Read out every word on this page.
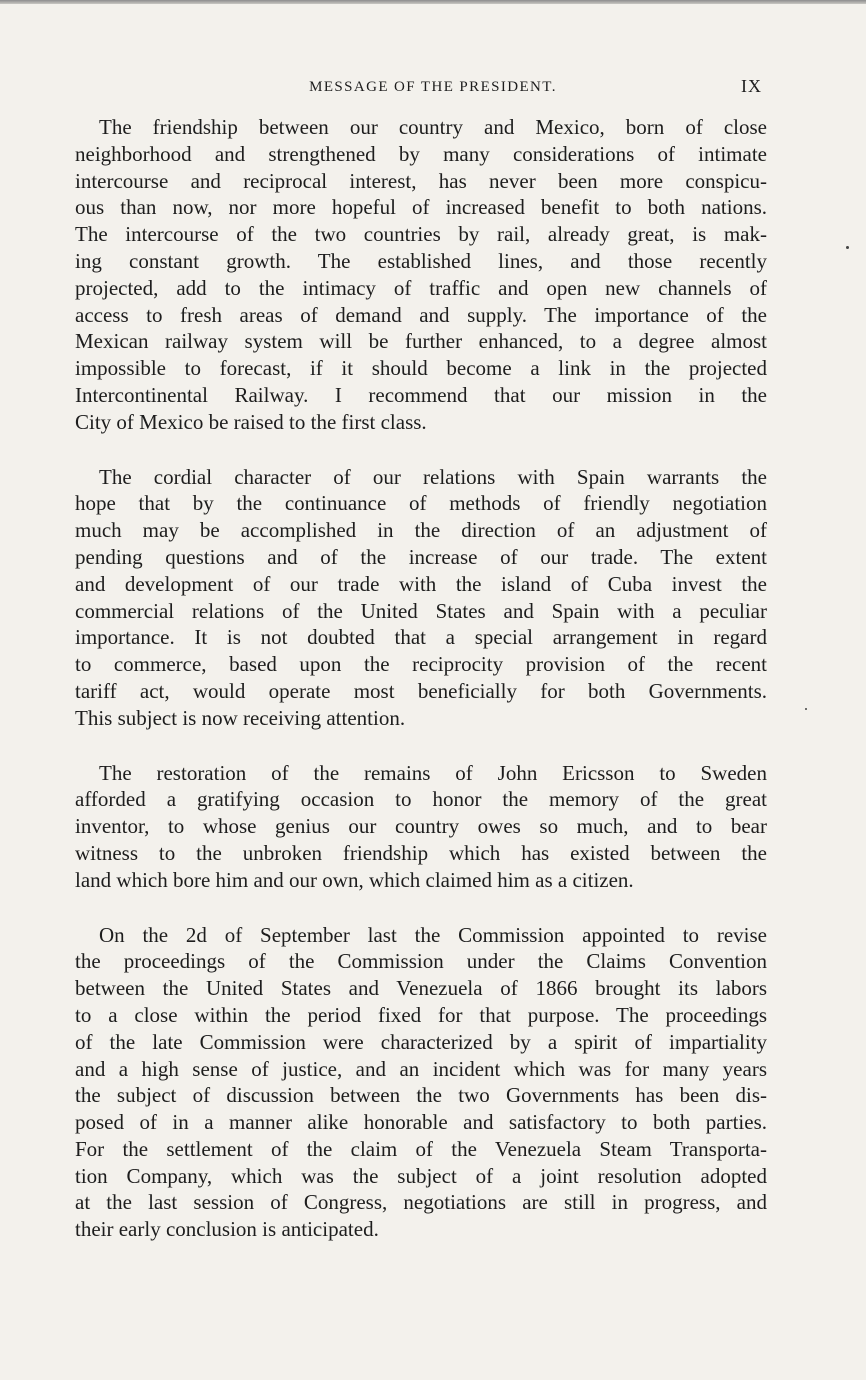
MESSAGE OF THE PRESIDENT.	IX

The friendship between our country and Mexico, born of close
neighborhood and strengthened by many considerations of intimate
intercourse and reciprocal interest, has never been more conspicu-
ous than now, nor more hopeful of increased benefit to both nations.
The intercourse of the two countries by rail, already great, is mak-
ing constant growth. The established lines, and those recently
projected, add to the intimacy of traffic and open new channels of
access to fresh areas of demand and supply. The importance of the
Mexican railway system will be further enhanced, to a degree almost
impossible to forecast, if it should become a link in the projected
Intercontinental Railway. I recommend that our mission in the
City of Mexico be raised to the first class.

The cordial character of our relations with Spain warrants the
hope that by the continuance of methods of friendly negotiation
much may be accomplished in the direction of an adjustment of
pending questions and of the increase of our trade. The extent
and development of our trade with the island of Cuba invest the
commercial relations of the United States and Spain with a peculiar
importance. It is not doubted that a special arrangement in regard
to commerce, based upon the reciprocity provision of the recent
tariff act, would operate most beneficially for both Governments.
This subject is now receiving attention.

The restoration of the remains of John Ericsson to Sweden
afforded a gratifying occasion to honor the memory of the great
inventor, to whose genius our country owes so much, and to bear
witness to the unbroken friendship which has existed between the
land which bore him and our own, which claimed him as a citizen.

On the 2d of September last the Commission appointed to revise
the proceedings of the Commission under the Claims Convention
between the United States and Venezuela of 1866 brought its labors
to a close within the period fixed for that purpose. The proceedings
of the late Commission were characterized by a spirit of impartiality
and a high sense of justice, and an incident which was for many years
the subject of discussion between the two Governments has been dis-
posed of in a manner alike honorable and satisfactory to both parties.
For the settlement of the claim of the Venezuela Steam Transporta-
tion Company, which was the subject of a joint resolution adopted
at the last session of Congress, negotiations are still in progress, and
their early conclusion is anticipated.
